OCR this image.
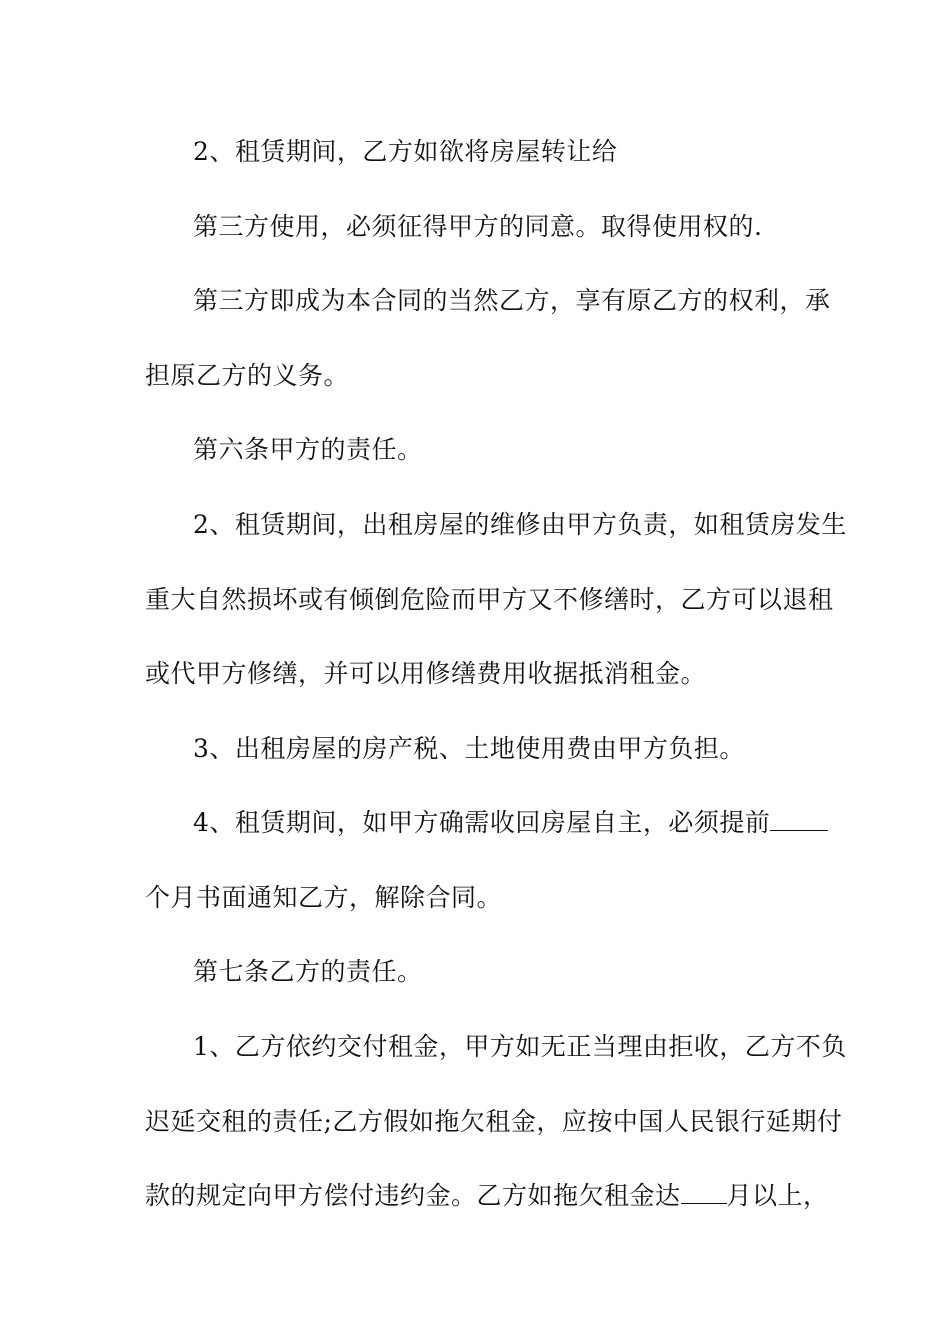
2、租赁期间，乙方如欲将房屋转让给
第三方使用，必须征得甲方的同意。取得使用权的.
第三方即成为本合同的当然乙方，享有原乙方的权利，承
担原乙方的义务。
第六条甲方的责任。
2、租赁期间，出租房屋的维修由甲方负责，如租赁房发生
重大自然损坏或有倾倒危险而甲方又不修缮时，乙方可以退租
或代甲方修缮，并可以用修缮费用收据抵消租金。
3、出租房屋的房产税、土地使用费由甲方负担。
4、租赁期间，如甲方确需收回房屋自主，必须提前
个月书面通知乙方，解除合同。
第七条乙方的责任。
1、乙方依约交付租金，甲方如无正当理由拒收，乙方不负
迟延交租的责任;乙方假如拖欠租金，应按中国人民银行延期付
款的规定向甲方偿付违约金。乙方如拖欠租金达 月以上，
